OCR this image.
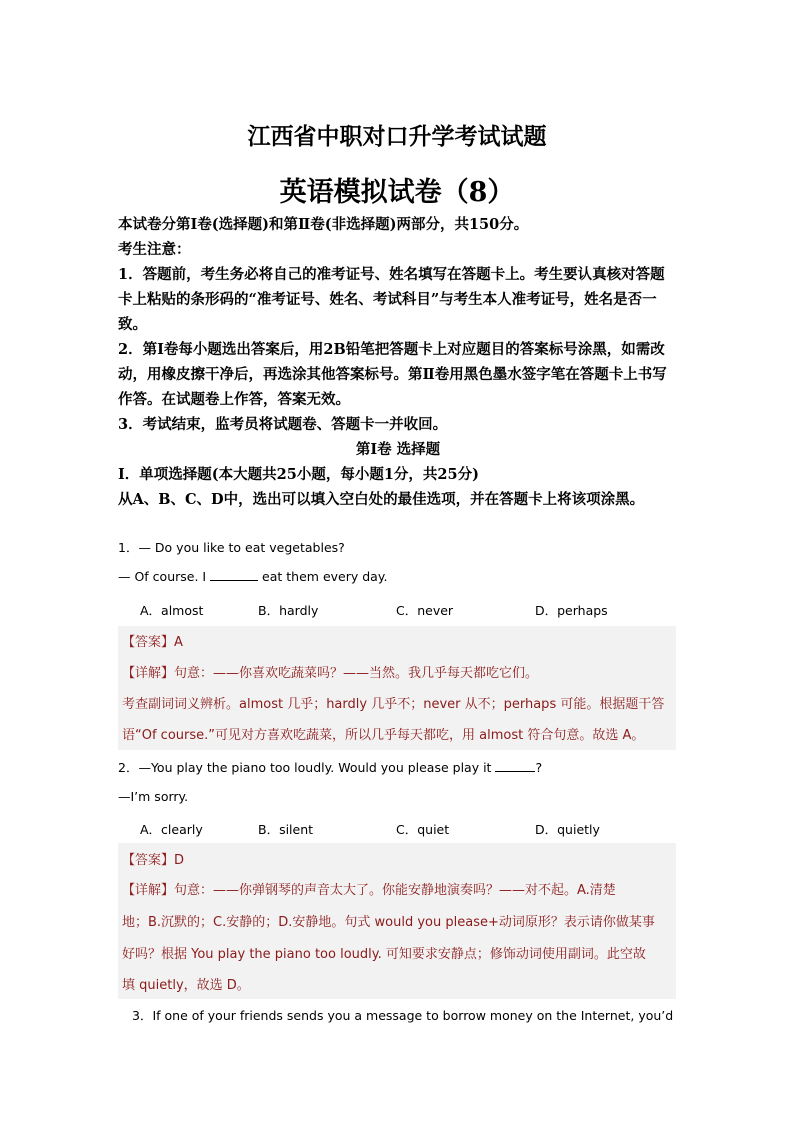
江西省中职对口升学考试试题
英语模拟试卷（8）

本试卷分第Ⅰ卷(选择题)和第Ⅱ卷(非选择题)两部分，共150分。

考生注意：

1．答题前，考生务必将自己的准考证号、姓名填写在答题卡上。考生要认真核对答题卡上粘贴的条形码的“准考证号、姓名、考试科目”与考生本人准考证号，姓名是否一致。

2．第Ⅰ卷每小题选出答案后，用2B铅笔把答题卡上对应题目的答案标号涂黑，如需改动，用橡皮擦干净后，再选涂其他答案标号。第Ⅱ卷用黑色墨水签字笔在答题卡上书写作答。在试题卷上作答，答案无效。

3．考试结束，监考员将试题卷、答题卡一并收回。

第Ⅰ卷 选择题

Ⅰ．单项选择题(本大题共25小题，每小题1分，共25分)

从A、B、C、D中，选出可以填入空白处的最佳选项，并在答题卡上将该项涂黑。

1．— Do you like to eat vegetables?
— Of course. I	eat them every day.
A．almost	B．hardly	C．never	D．perhaps
【答案】A
【详解】句意：——你喜欢吃蔬菜吗？——当然。我几乎每天都吃它们。
考查副词词义辨析。almost 几乎；hardly 几乎不；never 从不；perhaps 可能。根据题干答
语“Of course.”可见对方喜欢吃蔬菜，所以几乎每天都吃，用 almost 符合句意。故选 A。
2．—You play the piano too loudly. Would you please play it	?
—I’m sorry.
A．clearly	B．silent	C．quiet	D．quietly
【答案】D
【详解】句意：——你弹钢琴的声音太大了。你能安静地演奏吗？——对不起。A.清楚
地；B.沉默的；C.安静的；D.安静地。句式 would you please+动词原形？表示请你做某事
好吗？根据 You play the piano too loudly. 可知要求安静点；修饰动词使用副词。此空故
填 quietly，故选 D。
3．If one of your friends sends you a message to borrow money on the Internet, you’d
